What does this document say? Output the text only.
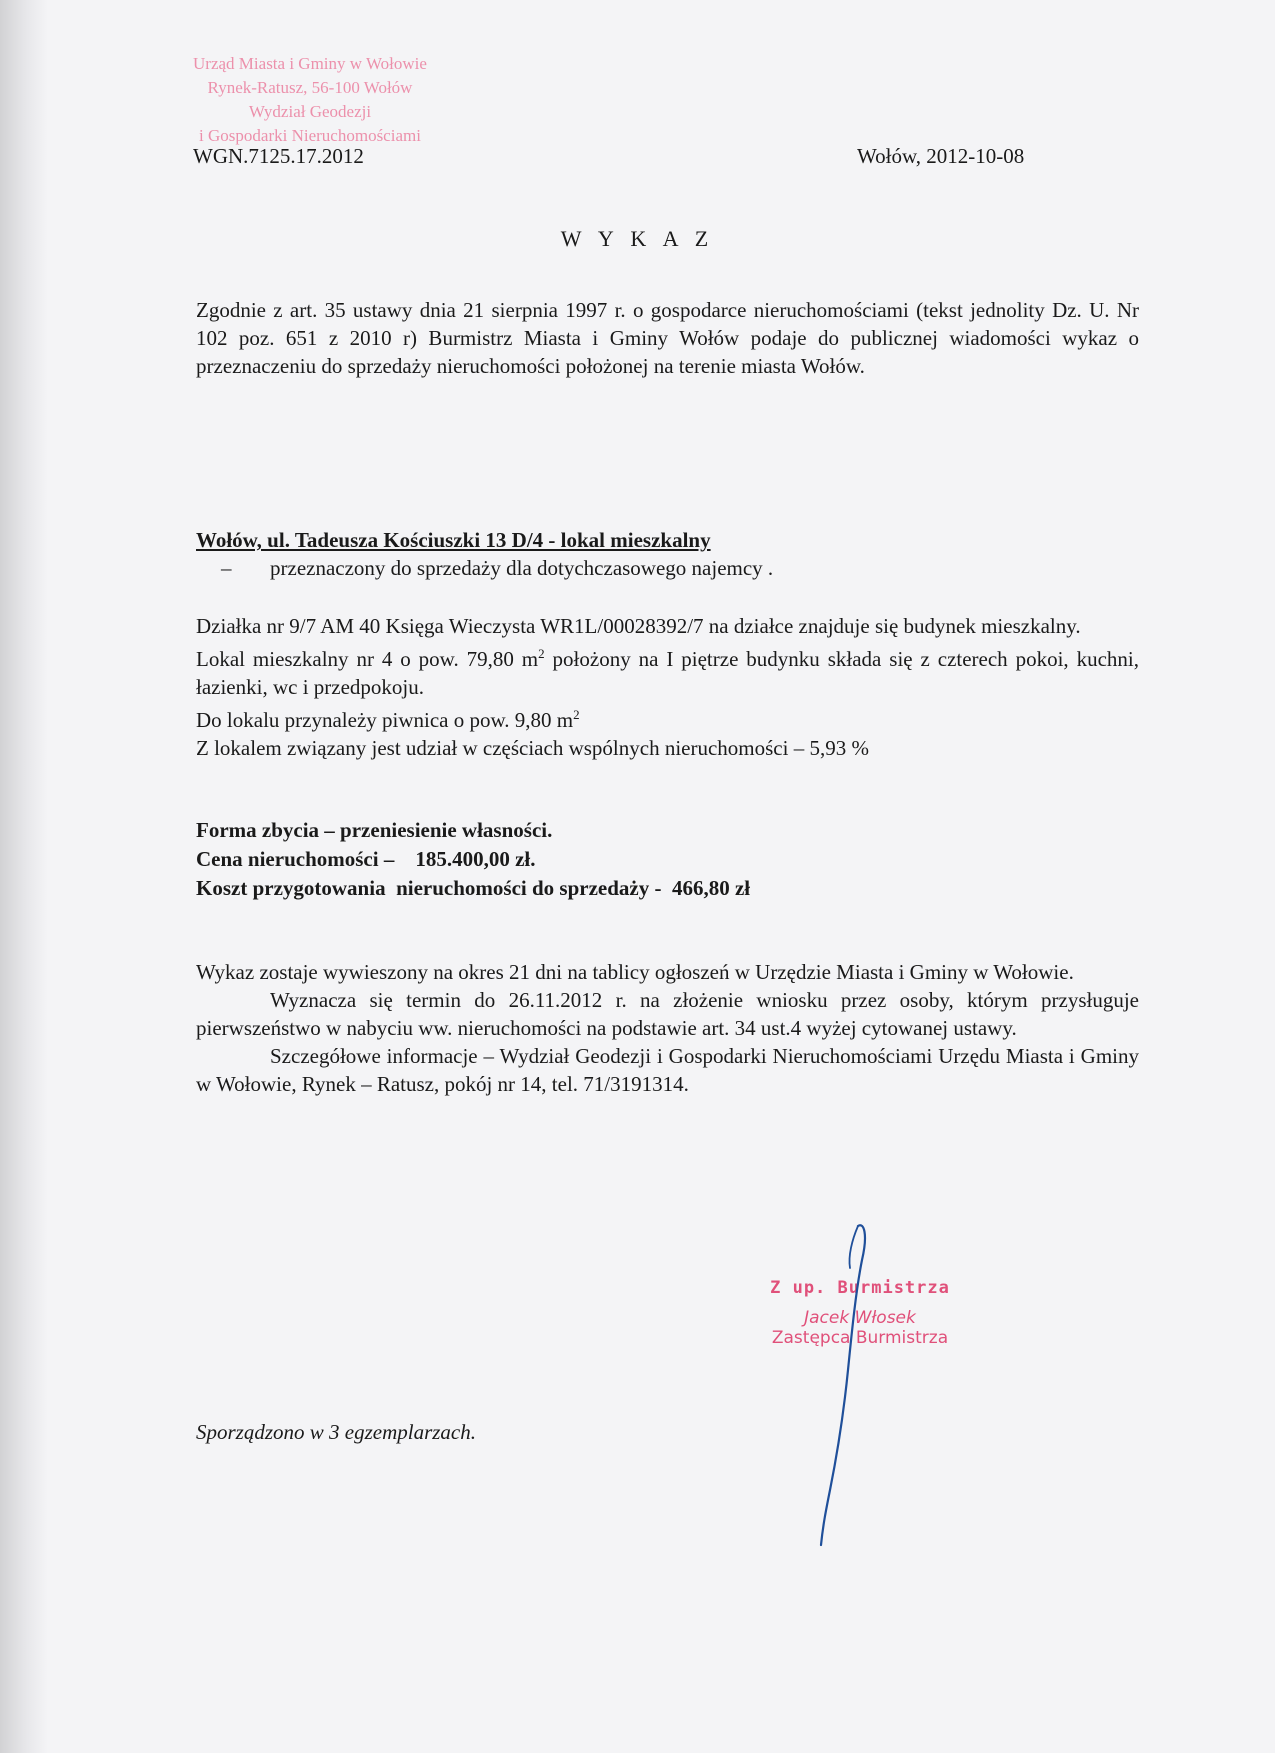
Urząd Miasta i Gminy w Wołowie
Rynek-Ratusz, 56-100 Wołów
Wydział Geodezji
i Gospodarki Nieruchomościami
WGN.7125.17.2012	Wołów, 2012-10-08
W Y K A Z
Zgodnie z art. 35 ustawy dnia 21 sierpnia 1997 r. o gospodarce nieruchomościami (tekst jednolity Dz. U. Nr 102 poz. 651 z 2010 r) Burmistrz Miasta i Gminy Wołów podaje do publicznej wiadomości wykaz o przeznaczeniu do sprzedaży nieruchomości położonej na terenie miasta Wołów.
Wołów, ul. Tadeusza Kościuszki 13 D/4 - lokal mieszkalny
– przeznaczony do sprzedaży dla dotychczasowego najemcy .
Działka nr 9/7 AM 40 Księga Wieczysta WR1L/00028392/7 na działce znajduje się budynek mieszkalny.
Lokal mieszkalny nr 4 o pow. 79,80 $m^2$ położony na I piętrze budynku składa się z czterech pokoi, kuchni, łazienki, wc i przedpokoju.
Do lokalu przynależy piwnica o pow. 9,80 $m^2$
Z lokalem związany jest udział w częściach wspólnych nieruchomości – 5,93 %
Forma zbycia – przeniesienie własności.
Cena nieruchomości –    185.400,00 zł.
Koszt przygotowania  nieruchomości do sprzedaży -  466,80 zł
Wykaz zostaje wywieszony na okres 21 dni na tablicy ogłoszeń w Urzędzie Miasta i Gminy w Wołowie.
Wyznacza się termin do 26.11.2012 r. na złożenie wniosku przez osoby, którym przysługuje pierwszeństwo w nabyciu ww. nieruchomości na podstawie art. 34 ust.4 wyżej cytowanej ustawy.
Szczegółowe informacje – Wydział Geodezji i Gospodarki Nieruchomościami Urzędu Miasta i Gminy w Wołowie, Rynek – Ratusz, pokój nr 14, tel. 71/3191314.
Z up. Burmistrza
Jacek Włosek
Zastępca Burmistrza
Sporządzono w 3 egzemplarzach.
